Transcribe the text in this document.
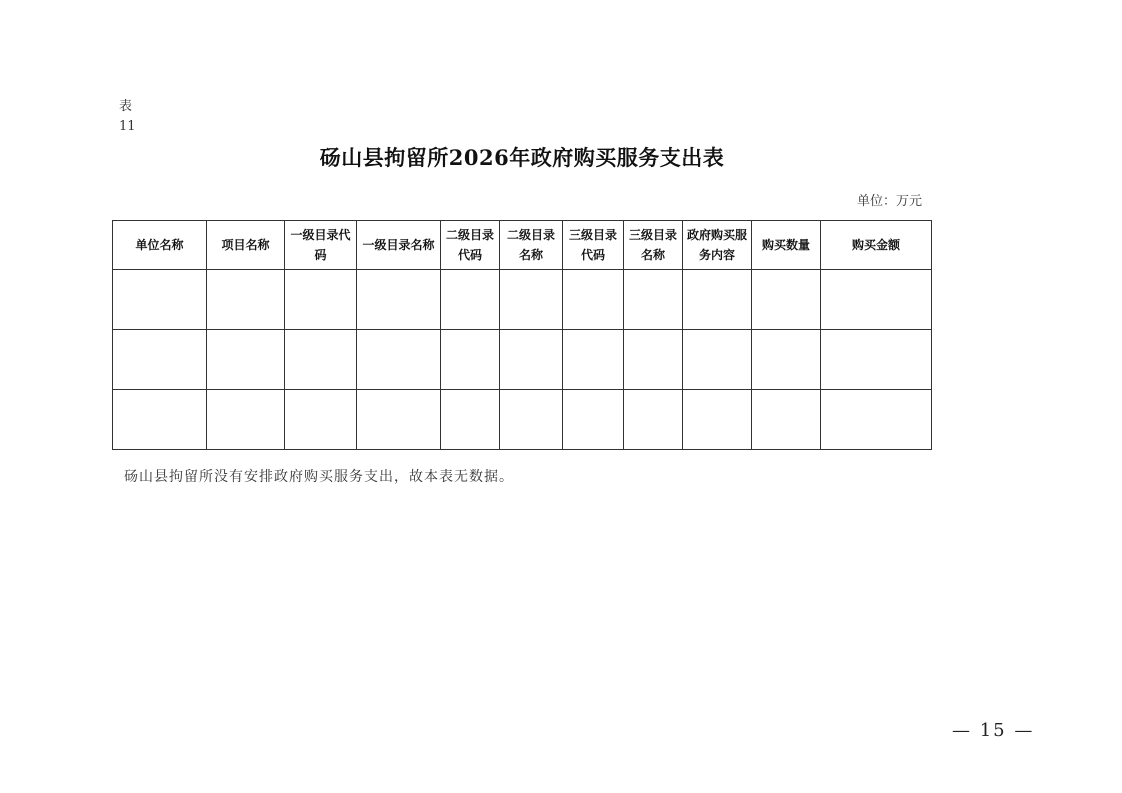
表
11
砀山县拘留所2026年政府购买服务支出表
单位：万元
单位名称	项目名称	一级目录代码	一级目录名称	二级目录代码	二级目录名称	三级目录代码	三级目录名称	政府购买服务内容	购买数量	购买金额

砀山县拘留所没有安排政府购买服务支出，故本表无数据。
— 15 —
